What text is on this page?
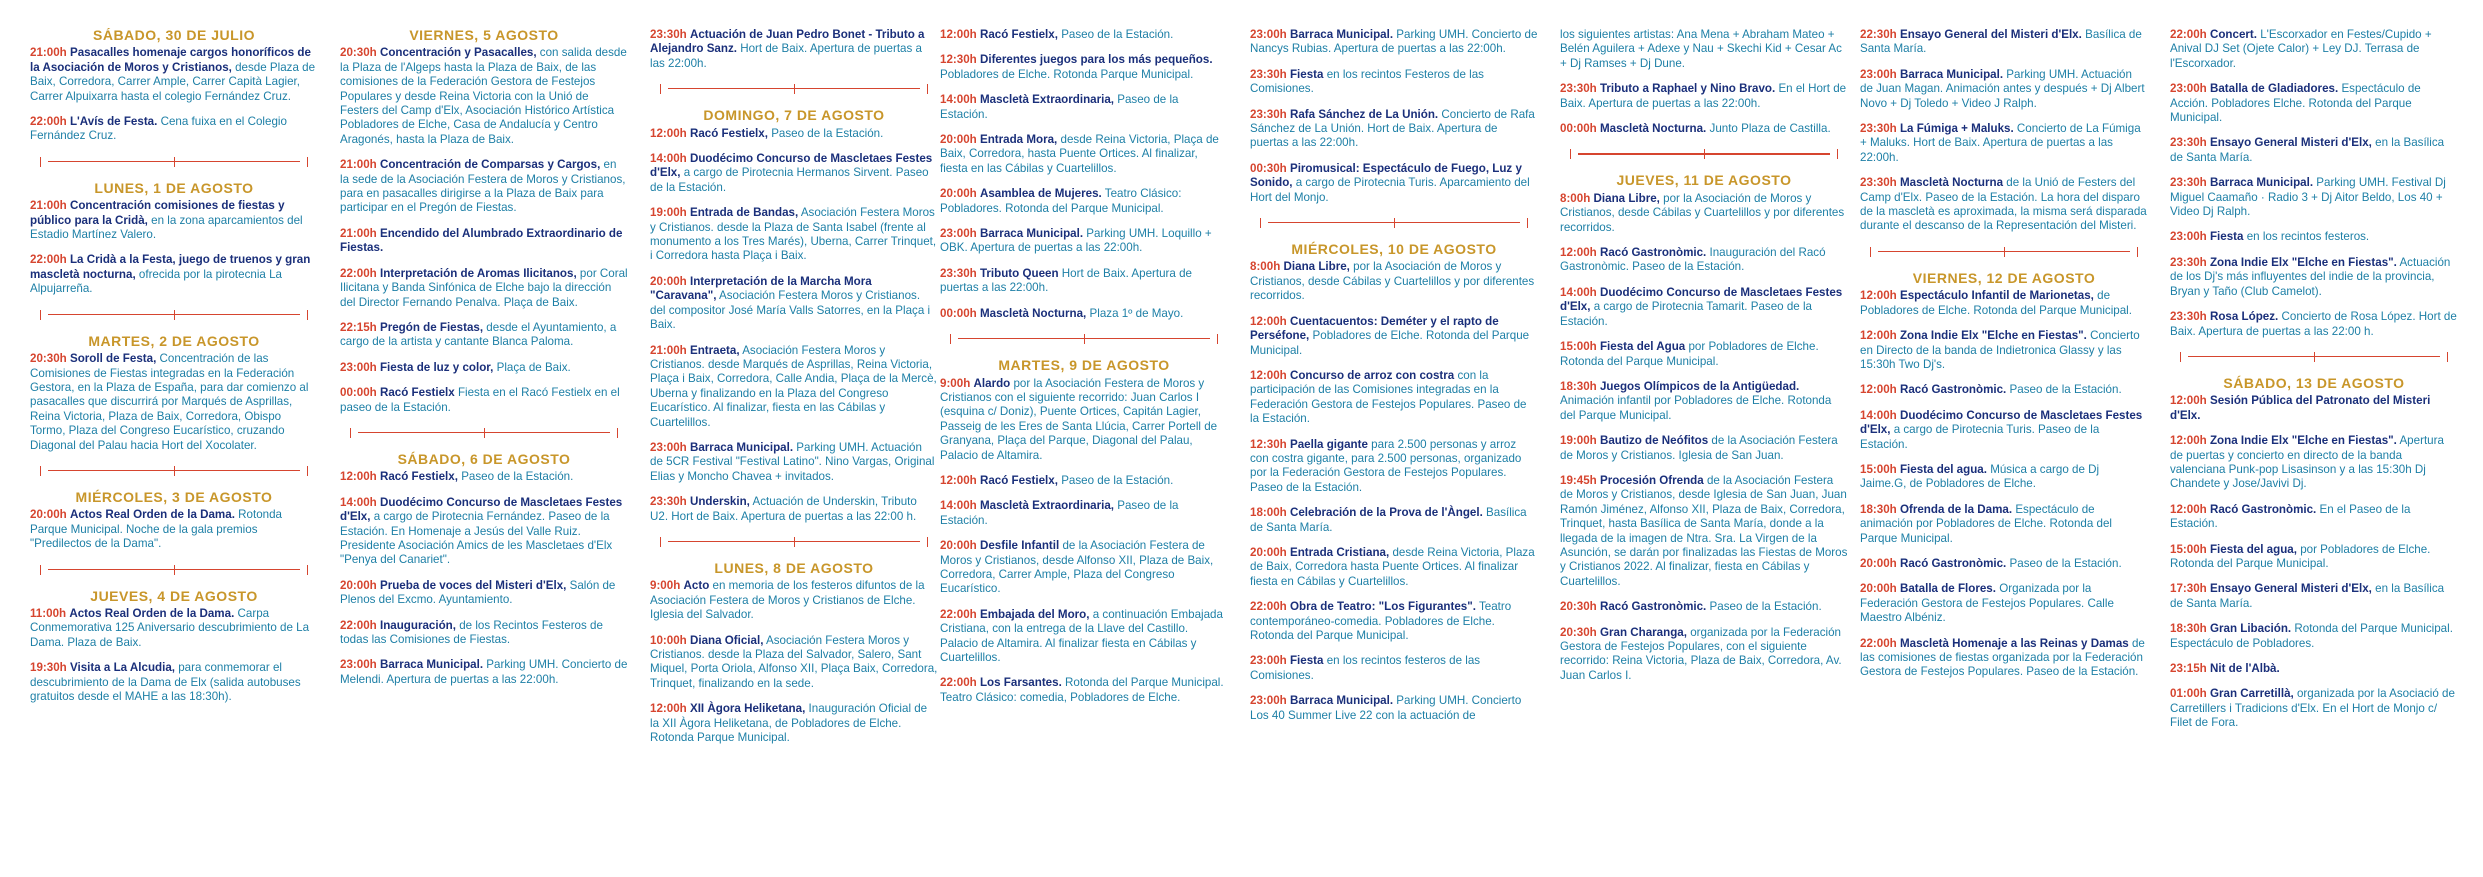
SÁBADO, 30 DE JULIO
21:00h Pasacalles homenaje cargos honoríficos de la Asociación de Moros y Cristianos, desde Plaza de Baix, Corredora, Carrer Ample, Carrer Capità Lagier, Carrer Alpuixarra hasta el colegio Fernández Cruz.
22:00h L'Avís de Festa. Cena fuixa en el Colegio Fernández Cruz.
LUNES, 1 DE AGOSTO
21:00h Concentración comisiones de fiestas y público para la Cridà, en la zona aparcamientos del Estadio Martínez Valero.
22:00h La Cridà a la Festa, juego de truenos y gran mascletà nocturna, ofrecida por la pirotecnia La Alpujarreña.
MARTES, 2 DE AGOSTO
20:30h Soroll de Festa, Concentración de las Comisiones de Fiestas integradas en la Federación Gestora, en la Plaza de España, para dar comienzo al pasacalles que discurrirá por Marqués de Asprillas, Reina Victoria, Plaza de Baix, Corredora, Obispo Tormo, Plaza del Congreso Eucarístico, cruzando Diagonal del Palau hacia Hort del Xocolater.
MIÉRCOLES, 3 DE AGOSTO
20:00h Actos Real Orden de la Dama. Rotonda Parque Municipal. Noche de la gala premios "Predilectos de la Dama".
JUEVES, 4 DE AGOSTO
11:00h Actos Real Orden de la Dama. Carpa Conmemorativa 125 Aniversario descubrimiento de La Dama. Plaza de Baix.
19:30h Visita a La Alcudia, para conmemorar el descubrimiento de la Dama de Elx (salida autobuses gratuitos desde el MAHE a las 18:30h).
VIERNES, 5 AGOSTO
20:30h Concentración y Pasacalles, con salida desde la Plaza de l'Algeps hasta la Plaza de Baix, de las comisiones de la Federación Gestora de Festejos Populares y desde Reina Victoria con la Unió de Festers del Camp d'Elx, Asociación Histórico Artística Pobladores de Elche, Casa de Andalucía y Centro Aragonés, hasta la Plaza de Baix.
21:00h Concentración de Comparsas y Cargos, en la sede de la Asociación Festera de Moros y Cristianos, para en pasacalles dirigirse a la Plaza de Baix para participar en el Pregón de Fiestas.
21:00h Encendido del Alumbrado Extraordinario de Fiestas.
22:00h Interpretación de Aromas Ilicitanos, por Coral Ilicitana y Banda Sinfónica de Elche bajo la dirección del Director Fernando Penalva. Plaça de Baix.
22:15h Pregón de Fiestas, desde el Ayuntamiento, a cargo de la artista y cantante Blanca Paloma.
23:00h Fiesta de luz y color, Plaça de Baix.
00:00h Racó Festielx Fiesta en el Racó Festielx en el paseo de la Estación.
SÁBADO, 6 DE AGOSTO
12:00h Racó Festielx, Paseo de la Estación.
14:00h Duodécimo Concurso de Mascletaes Festes d'Elx, a cargo de Pirotecnia Fernández. Paseo de la Estación. En Homenaje a Jesús del Valle Ruiz. Presidente Asociación Amics de les Mascletaes d'Elx "Penya del Canariet".
20:00h Prueba de voces del Misteri d'Elx, Salón de Plenos del Excmo. Ayuntamiento.
22:00h Inauguración, de los Recintos Festeros de todas las Comisiones de Fiestas.
23:00h Barraca Municipal. Parking UMH. Concierto de Melendi. Apertura de puertas a las 22:00h.
23:30h Actuación de Juan Pedro Bonet - Tributo a Alejandro Sanz. Hort de Baix. Apertura de puertas a las 22:00h.
DOMINGO, 7 DE AGOSTO
12:00h Racó Festielx, Paseo de la Estación.
14:00h Duodécimo Concurso de Mascletaes Festes d'Elx, a cargo de Pirotecnia Hermanos Sirvent. Paseo de la Estación.
19:00h Entrada de Bandas, Asociación Festera Moros y Cristianos. desde la Plaza de Santa Isabel (frente al monumento a los Tres Marés), Uberna, Carrer Trinquet, i Corredora hasta Plaça i Baix.
20:00h Interpretación de la Marcha Mora "Caravana", Asociación Festera Moros y Cristianos. del compositor José María Valls Satorres, en la Plaça i Baix.
21:00h Entraeta, Asociación Festera Moros y Cristianos. desde Marqués de Asprillas, Reina Victoria, Plaça i Baix, Corredora, Calle Andia, Plaça de la Mercè, Uberna y finalizando en la Plaza del Congreso Eucarístico. Al finalizar, fiesta en las Cábilas y Cuartelillos.
23:00h Barraca Municipal. Parking UMH. Actuación de 5CR Festival "Festival Latino". Nino Vargas, Original Elias y Moncho Chavea + invitados.
23:30h Underskin, Actuación de Underskin, Tributo U2. Hort de Baix. Apertura de puertas a las 22:00 h.
LUNES, 8 DE AGOSTO
9:00h Acto en memoria de los festeros difuntos de la Asociación Festera de Moros y Cristianos de Elche. Iglesia del Salvador.
10:00h Diana Oficial, Asociación Festera Moros y Cristianos. desde la Plaza del Salvador, Salero, Sant Miquel, Porta Oriola, Alfonso XII, Plaça Baix, Corredora, Trinquet, finalizando en la sede.
12:00h XII Àgora Heliketana, Inauguración Oficial de la XII Àgora Heliketana, de Pobladores de Elche. Rotonda Parque Municipal.
12:00h Racó Festielx, Paseo de la Estación.
12:30h Diferentes juegos para los más pequeños. Pobladores de Elche. Rotonda Parque Municipal.
14:00h Mascletà Extraordinaria, Paseo de la Estación.
20:00h Entrada Mora, desde Reina Victoria, Plaça de Baix, Corredora, hasta Puente Ortices. Al finalizar, fiesta en las Cábilas y Cuartelillos.
20:00h Asamblea de Mujeres. Teatro Clásico: Pobladores. Rotonda del Parque Municipal.
23:00h Barraca Municipal. Parking UMH. Loquillo + OBK. Apertura de puertas a las 22:00h.
23:30h Tributo Queen Hort de Baix. Apertura de puertas a las 22:00h.
00:00h Mascletà Nocturna, Plaza 1º de Mayo.
MARTES, 9 DE AGOSTO
9:00h Alardo por la Asociación Festera de Moros y Cristianos con el siguiente recorrido: Juan Carlos I (esquina c/ Doniz), Puente Ortices, Capitán Lagier, Passeig de les Eres de Santa Llúcia, Carrer Portell de Granyana, Plaça del Parque, Diagonal del Palau, Palacio de Altamira.
12:00h Racó Festielx, Paseo de la Estación.
14:00h Mascletà Extraordinaria, Paseo de la Estación.
20:00h Desfile Infantil de la Asociación Festera de Moros y Cristianos, desde Alfonso XII, Plaza de Baix, Corredora, Carrer Ample, Plaza del Congreso Eucarístico.
22:00h Embajada del Moro, a continuación Embajada Cristiana, con la entrega de la Llave del Castillo. Palacio de Altamira. Al finalizar fiesta en Cábilas y Cuartelillos.
22:00h Los Farsantes. Rotonda del Parque Municipal. Teatro Clásico: comedia, Pobladores de Elche.
23:00h Barraca Municipal. Parking UMH. Concierto de Nancys Rubias. Apertura de puertas a las 22:00h.
23:30h Fiesta en los recintos Festeros de las Comisiones.
23:30h Rafa Sánchez de La Unión. Concierto de Rafa Sánchez de La Unión. Hort de Baix. Apertura de puertas a las 22:00h.
00:30h Piromusical: Espectáculo de Fuego, Luz y Sonido, a cargo de Pirotecnia Turis. Aparcamiento del Hort del Monjo.
MIÉRCOLES, 10 DE AGOSTO
8:00h Diana Libre, por la Asociación de Moros y Cristianos, desde Cábilas y Cuartelillos y por diferentes recorridos.
12:00h Cuentacuentos: Deméter y el rapto de Perséfone, Pobladores de Elche. Rotonda del Parque Municipal.
12:00h Concurso de arroz con costra con la participación de las Comisiones integradas en la Federación Gestora de Festejos Populares. Paseo de la Estación.
12:30h Paella gigante para 2.500 personas y arroz con costra gigante, para 2.500 personas, organizado por la Federación Gestora de Festejos Populares. Paseo de la Estación.
18:00h Celebración de la Prova de l'Àngel. Basílica de Santa María.
20:00h Entrada Cristiana, desde Reina Victoria, Plaza de Baix, Corredora hasta Puente Ortices. Al finalizar fiesta en Cábilas y Cuartelillos.
22:00h Obra de Teatro: "Los Figurantes". Teatro contemporáneo-comedia. Pobladores de Elche. Rotonda del Parque Municipal.
23:00h Fiesta en los recintos festeros de las Comisiones.
23:00h Barraca Municipal. Parking UMH. Concierto Los 40 Summer Live 22 con la actuación de
los siguientes artistas: Ana Mena + Abraham Mateo + Belén Aguilera + Adexe y Nau + Skechi Kid + Cesar Ac + Dj Ramses + Dj Dune.
23:30h Tributo a Raphael y Nino Bravo. En el Hort de Baix. Apertura de puertas a las 22:00h.
00:00h Mascletà Nocturna. Junto Plaza de Castilla.
JUEVES, 11 DE AGOSTO
8:00h Diana Libre, por la Asociación de Moros y Cristianos, desde Cábilas y Cuartelillos y por diferentes recorridos.
12:00h Racó Gastronòmic. Inauguración del Racó Gastronòmic. Paseo de la Estación.
14:00h Duodécimo Concurso de Mascletaes Festes d'Elx, a cargo de Pirotecnia Tamarit. Paseo de la Estación.
15:00h Fiesta del Agua por Pobladores de Elche. Rotonda del Parque Municipal.
18:30h Juegos Olímpicos de la Antigüedad. Animación infantil por Pobladores de Elche. Rotonda del Parque Municipal.
19:00h Bautizo de Neófitos de la Asociación Festera de Moros y Cristianos. Iglesia de San Juan.
19:45h Procesión Ofrenda de la Asociación Festera de Moros y Cristianos, desde Iglesia de San Juan, Juan Ramón Jiménez, Alfonso XII, Plaza de Baix, Corredora, Trinquet, hasta Basílica de Santa María, donde a la llegada de la imagen de Ntra. Sra. La Virgen de la Asunción, se darán por finalizadas las Fiestas de Moros y Cristianos 2022. Al finalizar, fiesta en Cábilas y Cuartelillos.
20:30h Racó Gastronòmic. Paseo de la Estación.
20:30h Gran Charanga, organizada por la Federación Gestora de Festejos Populares, con el siguiente recorrido: Reina Victoria, Plaza de Baix, Corredora, Av. Juan Carlos I.
22:30h Ensayo General del Misteri d'Elx. Basílica de Santa María.
23:00h Barraca Municipal. Parking UMH. Actuación de Juan Magan. Animación antes y después + Dj Albert Novo + Dj Toledo + Video J Ralph.
23:30h La Fúmiga + Maluks. Concierto de La Fúmiga + Maluks. Hort de Baix. Apertura de puertas a las 22:00h.
23:30h Mascletà Nocturna de la Unió de Festers del Camp d'Elx. Paseo de la Estación. La hora del disparo de la mascletà es aproximada, la misma será disparada durante el descanso de la Representación del Misteri.
VIERNES, 12 DE AGOSTO
12:00h Espectáculo Infantil de Marionetas, de Pobladores de Elche. Rotonda del Parque Municipal.
12:00h Zona Indie Elx "Elche en Fiestas". Concierto en Directo de la banda de Indietronica Glassy y las 15:30h Two Dj's.
12:00h Racó Gastronòmic. Paseo de la Estación.
14:00h Duodécimo Concurso de Mascletaes Festes d'Elx, a cargo de Pirotecnia Turis. Paseo de la Estación.
15:00h Fiesta del agua. Música a cargo de Dj Jaime.G, de Pobladores de Elche.
18:30h Ofrenda de la Dama. Espectáculo de animación por Pobladores de Elche. Rotonda del Parque Municipal.
20:00h Racó Gastronòmic. Paseo de la Estación.
20:00h Batalla de Flores. Organizada por la Federación Gestora de Festejos Populares. Calle Maestro Albéniz.
22:00h Mascletà Homenaje a las Reinas y Damas de las comisiones de fiestas organizada por la Federación Gestora de Festejos Populares. Paseo de la Estación.
22:00h Concert. L'Escorxador en Festes/Cupido + Anival DJ Set (Ojete Calor) + Ley DJ. Terrasa de l'Escorxador.
23:00h Batalla de Gladiadores. Espectáculo de Acción. Pobladores Elche. Rotonda del Parque Municipal.
23:30h Ensayo General Misteri d'Elx, en la Basílica de Santa María.
23:30h Barraca Municipal. Parking UMH. Festival Dj Miguel Caamaño · Radio 3 + Dj Aitor Beldo, Los 40 + Video Dj Ralph.
23:00h Fiesta en los recintos festeros.
23:30h Zona Indie Elx "Elche en Fiestas". Actuación de los Dj's más influyentes del indie de la provincia, Bryan y Taño (Club Camelot).
23:30h Rosa López. Concierto de Rosa López. Hort de Baix. Apertura de puertas a las 22:00 h.
SÁBADO, 13 DE AGOSTO
12:00h Sesión Pública del Patronato del Misteri d'Elx.
12:00h Zona Indie Elx "Elche en Fiestas". Apertura de puertas y concierto en directo de la banda valenciana Punk-pop Lisasinson y a las 15:30h Dj Chandete y Jose/Javivi Dj.
12:00h Racó Gastronòmic. En el Paseo de la Estación.
15:00h Fiesta del agua, por Pobladores de Elche. Rotonda del Parque Municipal.
17:30h Ensayo General Misteri d'Elx, en la Basílica de Santa María.
18:30h Gran Libación. Rotonda del Parque Municipal. Espectáculo de Pobladores.
23:15h Nit de l'Albà.
01:00h Gran Carretillà, organizada por la Asociació de Carretillers i Tradicions d'Elx. En el Hort de Monjo c/ Filet de Fora.
